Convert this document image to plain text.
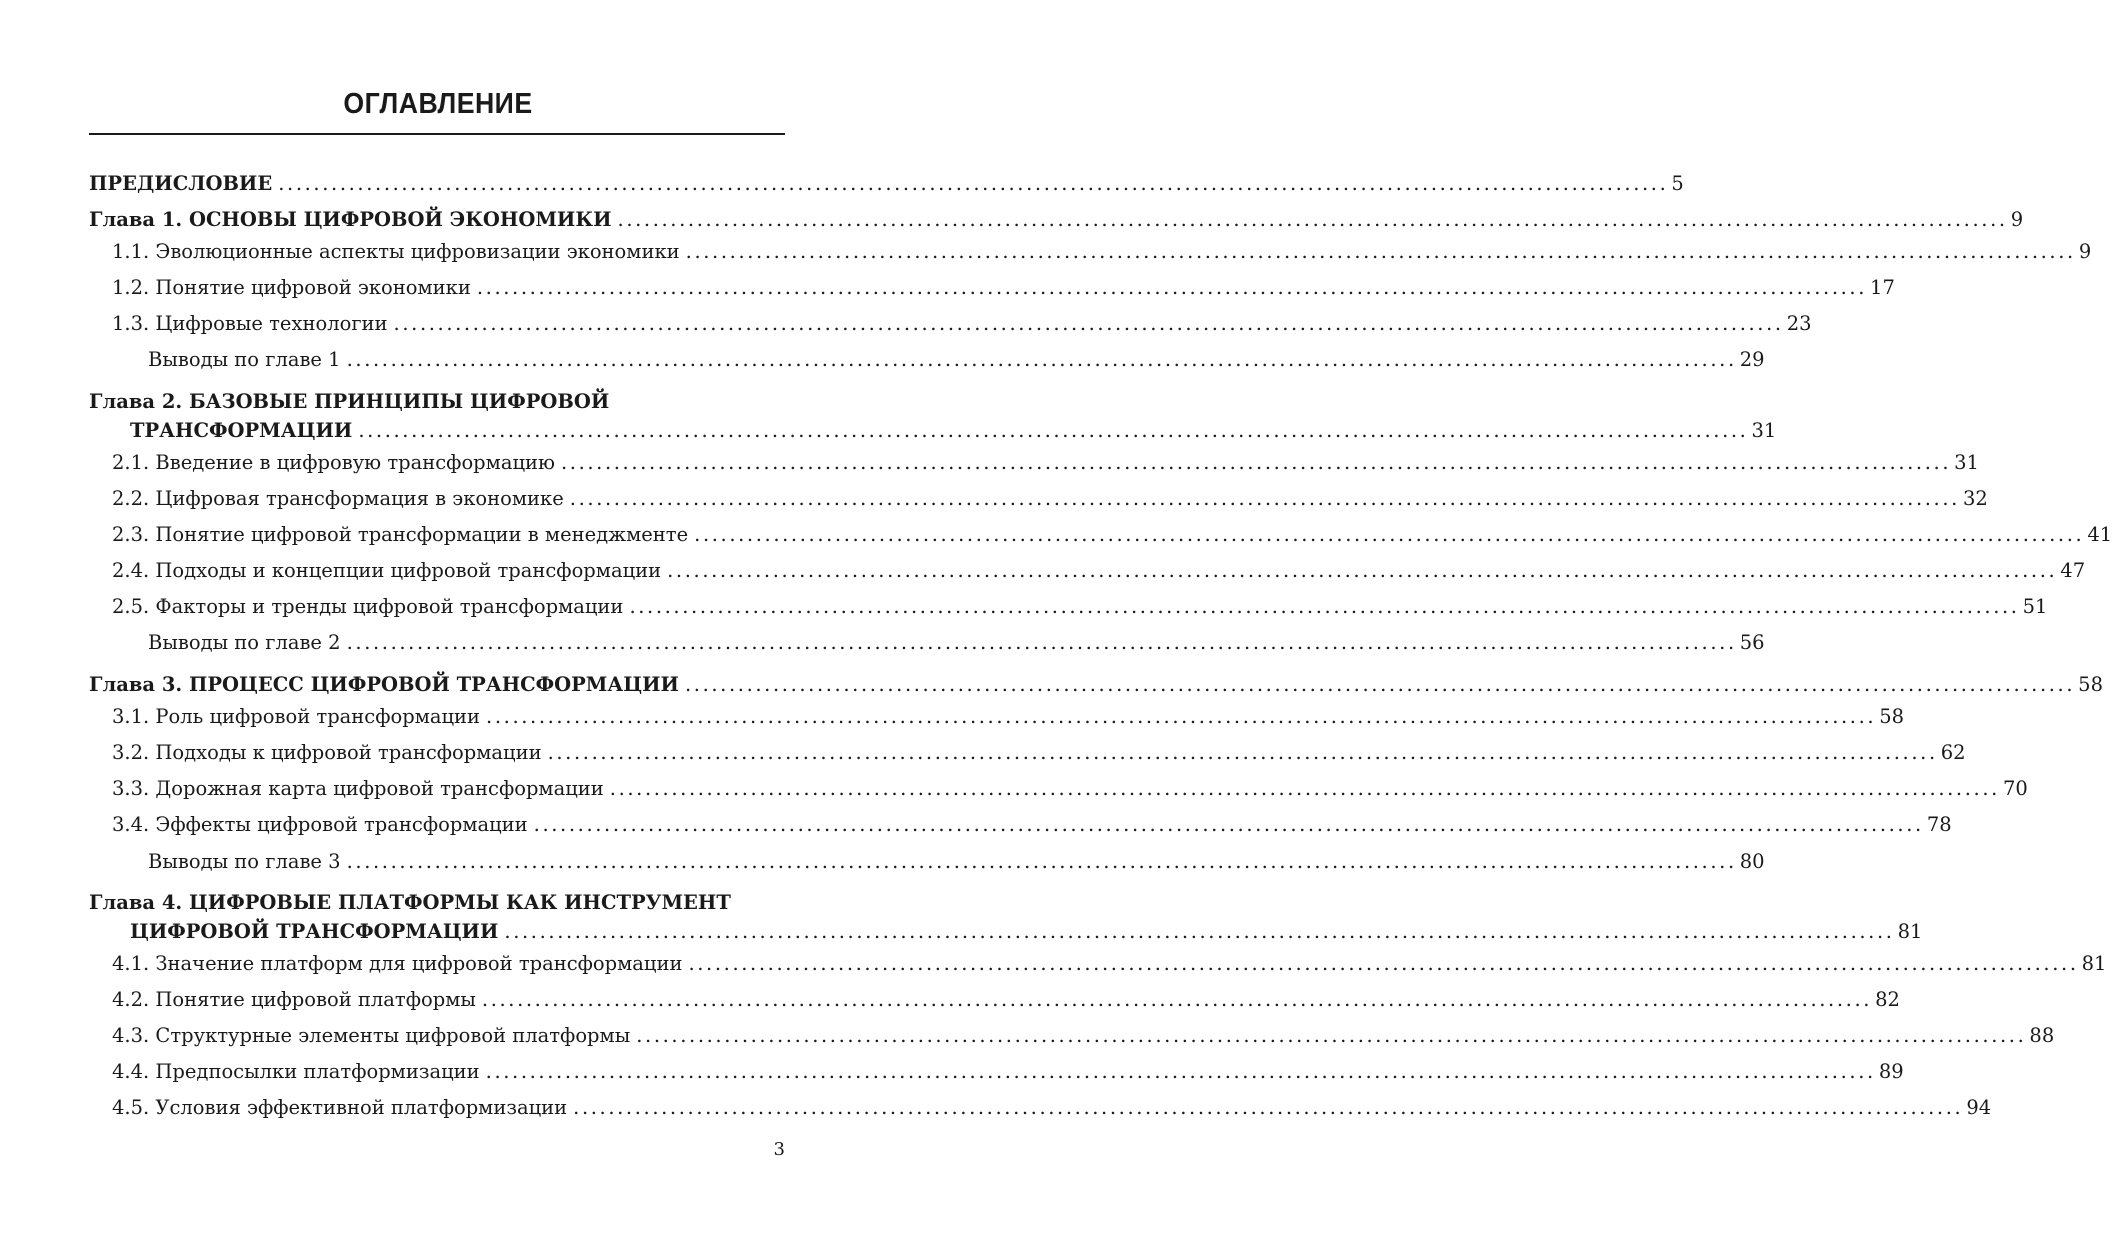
ОГЛАВЛЕНИЕ
ПРЕДИСЛОВИЕ .............................................................................................................................................................. 5
Глава 1. ОСНОВЫ ЦИФРОВОЙ ЭКОНОМИКИ .............................................................................................................................................................. 9
1.1. Эволюционные аспекты цифровизации экономики .............................................................................................................................................................. 9
1.2. Понятие цифровой экономики .............................................................................................................................................................. 17
1.3. Цифровые технологии .............................................................................................................................................................. 23
Выводы по главе 1 .............................................................................................................................................................. 29
Глава 2. БАЗОВЫЕ ПРИНЦИПЫ ЦИФРОВОЙ
ТРАНСФОРМАЦИИ .............................................................................................................................................................. 31
2.1. Введение в цифровую трансформацию .............................................................................................................................................................. 31
2.2. Цифровая трансформация в экономике .............................................................................................................................................................. 32
2.3. Понятие цифровой трансформации в менеджменте .............................................................................................................................................................. 41
2.4. Подходы и концепции цифровой трансформации .............................................................................................................................................................. 47
2.5. Факторы и тренды цифровой трансформации .............................................................................................................................................................. 51
Выводы по главе 2 .............................................................................................................................................................. 56
Глава 3. ПРОЦЕСС ЦИФРОВОЙ ТРАНСФОРМАЦИИ .............................................................................................................................................................. 58
3.1. Роль цифровой трансформации .............................................................................................................................................................. 58
3.2. Подходы к цифровой трансформации .............................................................................................................................................................. 62
3.3. Дорожная карта цифровой трансформации .............................................................................................................................................................. 70
3.4. Эффекты цифровой трансформации .............................................................................................................................................................. 78
Выводы по главе 3 .............................................................................................................................................................. 80
Глава 4. ЦИФРОВЫЕ ПЛАТФОРМЫ КАК ИНСТРУМЕНТ
ЦИФРОВОЙ ТРАНСФОРМАЦИИ .............................................................................................................................................................. 81
4.1. Значение платформ для цифровой трансформации .............................................................................................................................................................. 81
4.2. Понятие цифровой платформы .............................................................................................................................................................. 82
4.3. Структурные элементы цифровой платформы .............................................................................................................................................................. 88
4.4. Предпосылки платформизации .............................................................................................................................................................. 89
4.5. Условия эффективной платформизации .............................................................................................................................................................. 94
3
